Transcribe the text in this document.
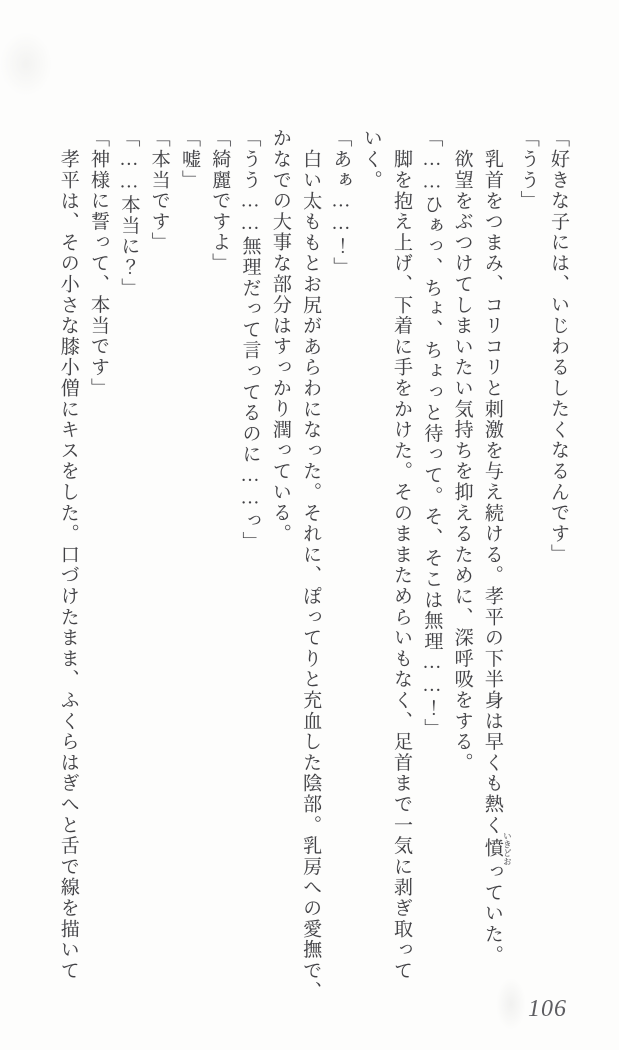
「好きな子には、いじわるしたくなるんです」
「うう」
乳首をつまみ、コリコリと刺激を与え続ける。孝平の下半身は早くも熱く憤 いきどおっていた。
欲望をぶつけてしまいたい気持ちを抑えるために、深呼吸をする。
「……ひぁっ、ちょ、ちょっと待って。そ、そこは無理……！」
脚を抱え上げ、下着に手をかけた。そのままためらいもなく、足首まで一気に剥ぎ取って
いく。
「あぁ……！」
白い太ももとお尻があらわになった。それに、ぽってりと充血した陰部。乳房への愛撫で、
かなでの大事な部分はすっかり潤っている。
「うう……無理だって言ってるのに……っ」
「綺麗ですよ」
「嘘」
「本当です」
「……本当に？」
「神様に誓って、本当です」
孝平は、その小さな膝小僧にキスをした。口づけたまま、ふくらはぎへと舌で線を描いて
106
